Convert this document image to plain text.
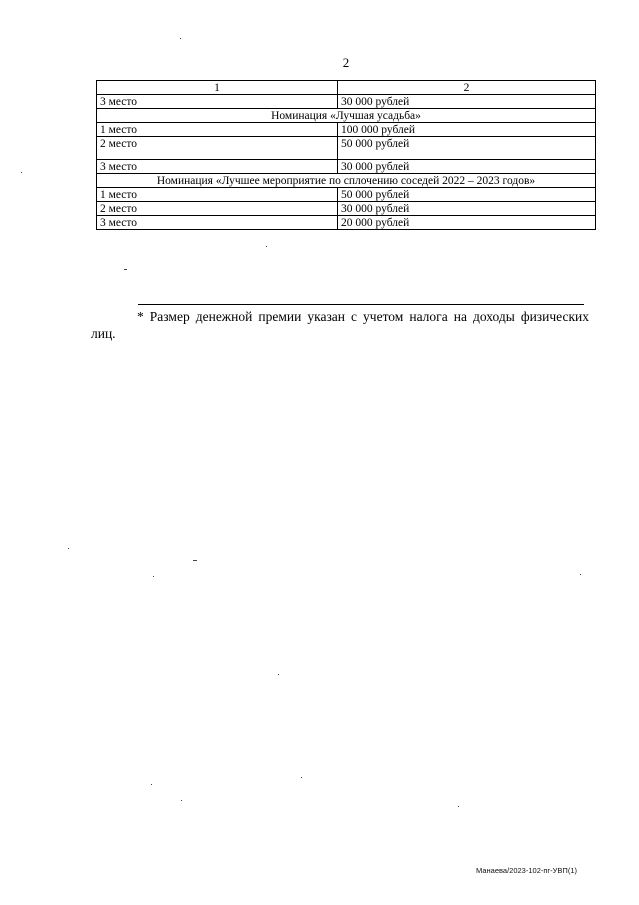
2
1	2
3 место	30 000 рублей
Номинация «Лучшая усадьба»	
1 место	100 000 рублей
2 место	50 000 рублей
3 место	30 000 рублей
Номинация «Лучшее мероприятие по сплочению соседей 2022 – 2023 годов»	
1 место	50 000 рублей
2 место	30 000 рублей
3 место	20 000 рублей
* Размер денежной премии указан с учетом налога на доходы физических лиц.
Манаева/2023-102-пг-УВП(1)
